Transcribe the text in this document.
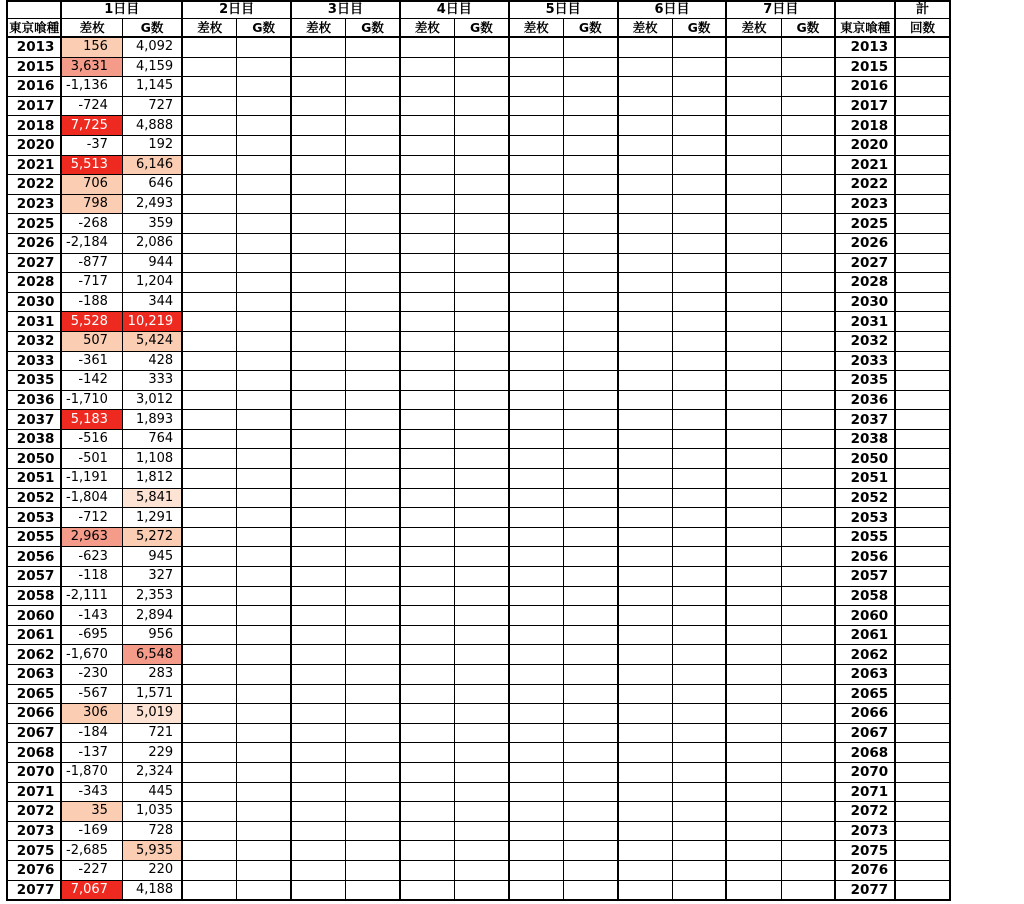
	1日目		2日目		3日目		4日目		5日目		6日目		7日目			計
東京喰種	差枚	G数	差枚	G数	差枚	G数	差枚	G数	差枚	G数	差枚	G数	差枚	G数	東京喰種	回数
2013	156	4,092													2013	
2015	3,631	4,159													2015	
2016	-1,136	1,145													2016	
2017	-724	727													2017	
2018	7,725	4,888													2018	
2020	-37	192													2020	
2021	5,513	6,146													2021	
2022	706	646													2022	
2023	798	2,493													2023	
2025	-268	359													2025	
2026	-2,184	2,086													2026	
2027	-877	944													2027	
2028	-717	1,204													2028	
2030	-188	344													2030	
2031	5,528	10,219													2031	
2032	507	5,424													2032	
2033	-361	428													2033	
2035	-142	333													2035	
2036	-1,710	3,012													2036	
2037	5,183	1,893													2037	
2038	-516	764													2038	
2050	-501	1,108													2050	
2051	-1,191	1,812													2051	
2052	-1,804	5,841													2052	
2053	-712	1,291													2053	
2055	2,963	5,272													2055	
2056	-623	945													2056	
2057	-118	327													2057	
2058	-2,111	2,353													2058	
2060	-143	2,894													2060	
2061	-695	956													2061	
2062	-1,670	6,548													2062	
2063	-230	283													2063	
2065	-567	1,571													2065	
2066	306	5,019													2066	
2067	-184	721													2067	
2068	-137	229													2068	
2070	-1,870	2,324													2070	
2071	-343	445													2071	
2072	35	1,035													2072	
2073	-169	728													2073	
2075	-2,685	5,935													2075	
2076	-227	220													2076	
2077	7,067	4,188													2077	
